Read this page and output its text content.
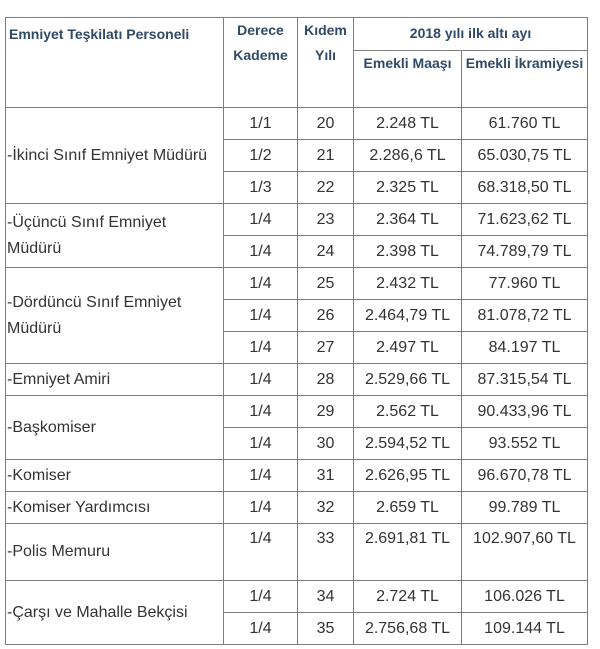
Emniyet Teşkilatı Personeli	Derece Kademe	Kıdem Yılı	2018 yılı ilk altı ayı	
			Emekli Maaşı	Emekli İkramiyesi
-İkinci Sınıf Emniyet Müdürü	1/1	20	2.248 TL	61.760 TL
	1/2	21	2.286,6 TL	65.030,75 TL
	1/3	22	2.325 TL	68.318,50 TL
-Üçüncü Sınıf Emniyet Müdürü	1/4	23	2.364 TL	71.623,62 TL
	1/4	24	2.398 TL	74.789,79 TL
-Dördüncü Sınıf Emniyet Müdürü	1/4	25	2.432 TL	77.960 TL
	1/4	26	2.464,79 TL	81.078,72 TL
	1/4	27	2.497 TL	84.197 TL
-Emniyet Amiri	1/4	28	2.529,66 TL	87.315,54 TL
-Başkomiser	1/4	29	2.562 TL	90.433,96 TL
	1/4	30	2.594,52 TL	93.552 TL
-Komiser	1/4	31	2.626,95 TL	96.670,78 TL
-Komiser Yardımcısı	1/4	32	2.659 TL	99.789 TL
-Polis Memuru	1/4	33	2.691,81 TL	102.907,60 TL
-Çarşı ve Mahalle Bekçisi	1/4	34	2.724 TL	106.026 TL
	1/4	35	2.756,68 TL	109.144 TL
